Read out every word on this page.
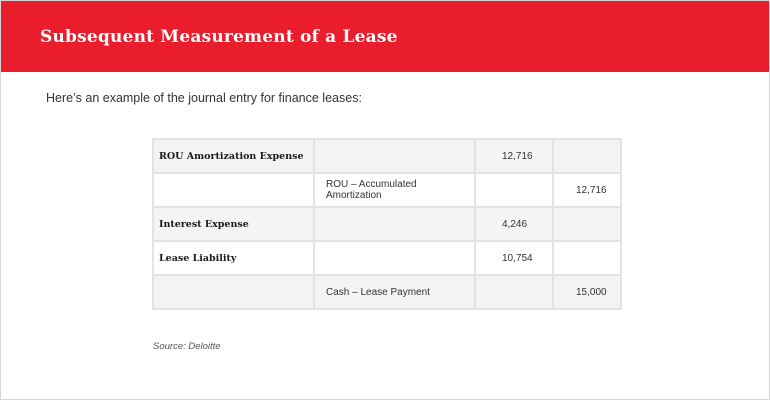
Subsequent Measurement of a Lease

Here’s an example of the journal entry for finance leases:

ROU Amortization Expense		12,716	
	ROU – Accumulated Amortization		12,716
Interest Expense		4,246	
Lease Liability		10,754	
	Cash – Lease Payment		15,000

Source: Deloitte
